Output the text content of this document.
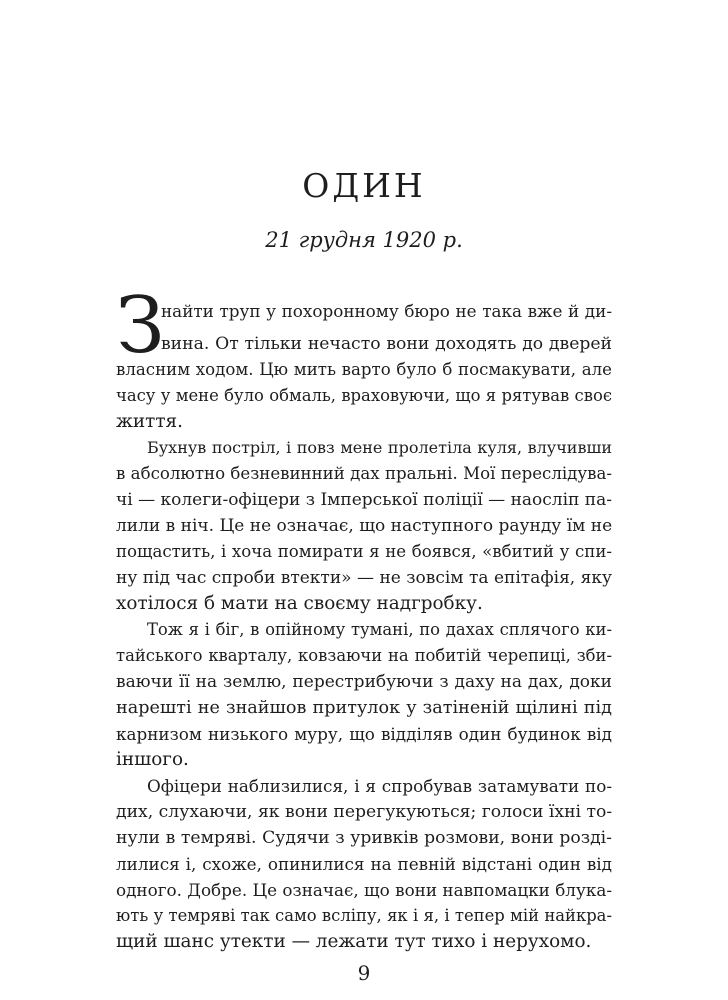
ОДИН
21 грудня 1920 р.
З

найти труп у похоронному бюро не така вже й ди-

вина. От тільки нечасто вони доходять до дверей

власним ходом. Цю мить варто було б посмакувати, але

часу у мене було обмаль, враховуючи, що я рятував своє

життя.

Бухнув постріл, і повз мене пролетіла куля, влучивши

в абсолютно безневинний дах пральні. Мої переслідува-

чі — колеги-офіцери з Імперської поліції — наосліп па-

лили в ніч. Це не означає, що наступного раунду їм не

пощастить, і хоча помирати я не боявся, «вбитий у спи-

ну під час спроби втекти» — не зовсім та епітафія, яку

хотілося б мати на своєму надгробку.

Тож я і біг, в опійному тумані, по дахах сплячого ки-

тайського кварталу, ковзаючи на побитій черепиці, зби-

ваючи її на землю, перестрибуючи з даху на дах, доки

нарешті не знайшов притулок у затіненій щілині під

карнизом низького муру, що відділяв один будинок від

іншого.

Офіцери наблизилися, і я спробував затамувати по-

дих, слухаючи, як вони перегукуються; голоси їхні то-

нули в темряві. Судячи з уривків розмови, вони розді-

лилися і, схоже, опинилися на певній відстані один від

одного. Добре. Це означає, що вони навпомацки блука-

ють у темряві так само всліпу, як і я, і тепер мій найкра-

щий шанс утекти — лежати тут тихо і нерухомо.

9
